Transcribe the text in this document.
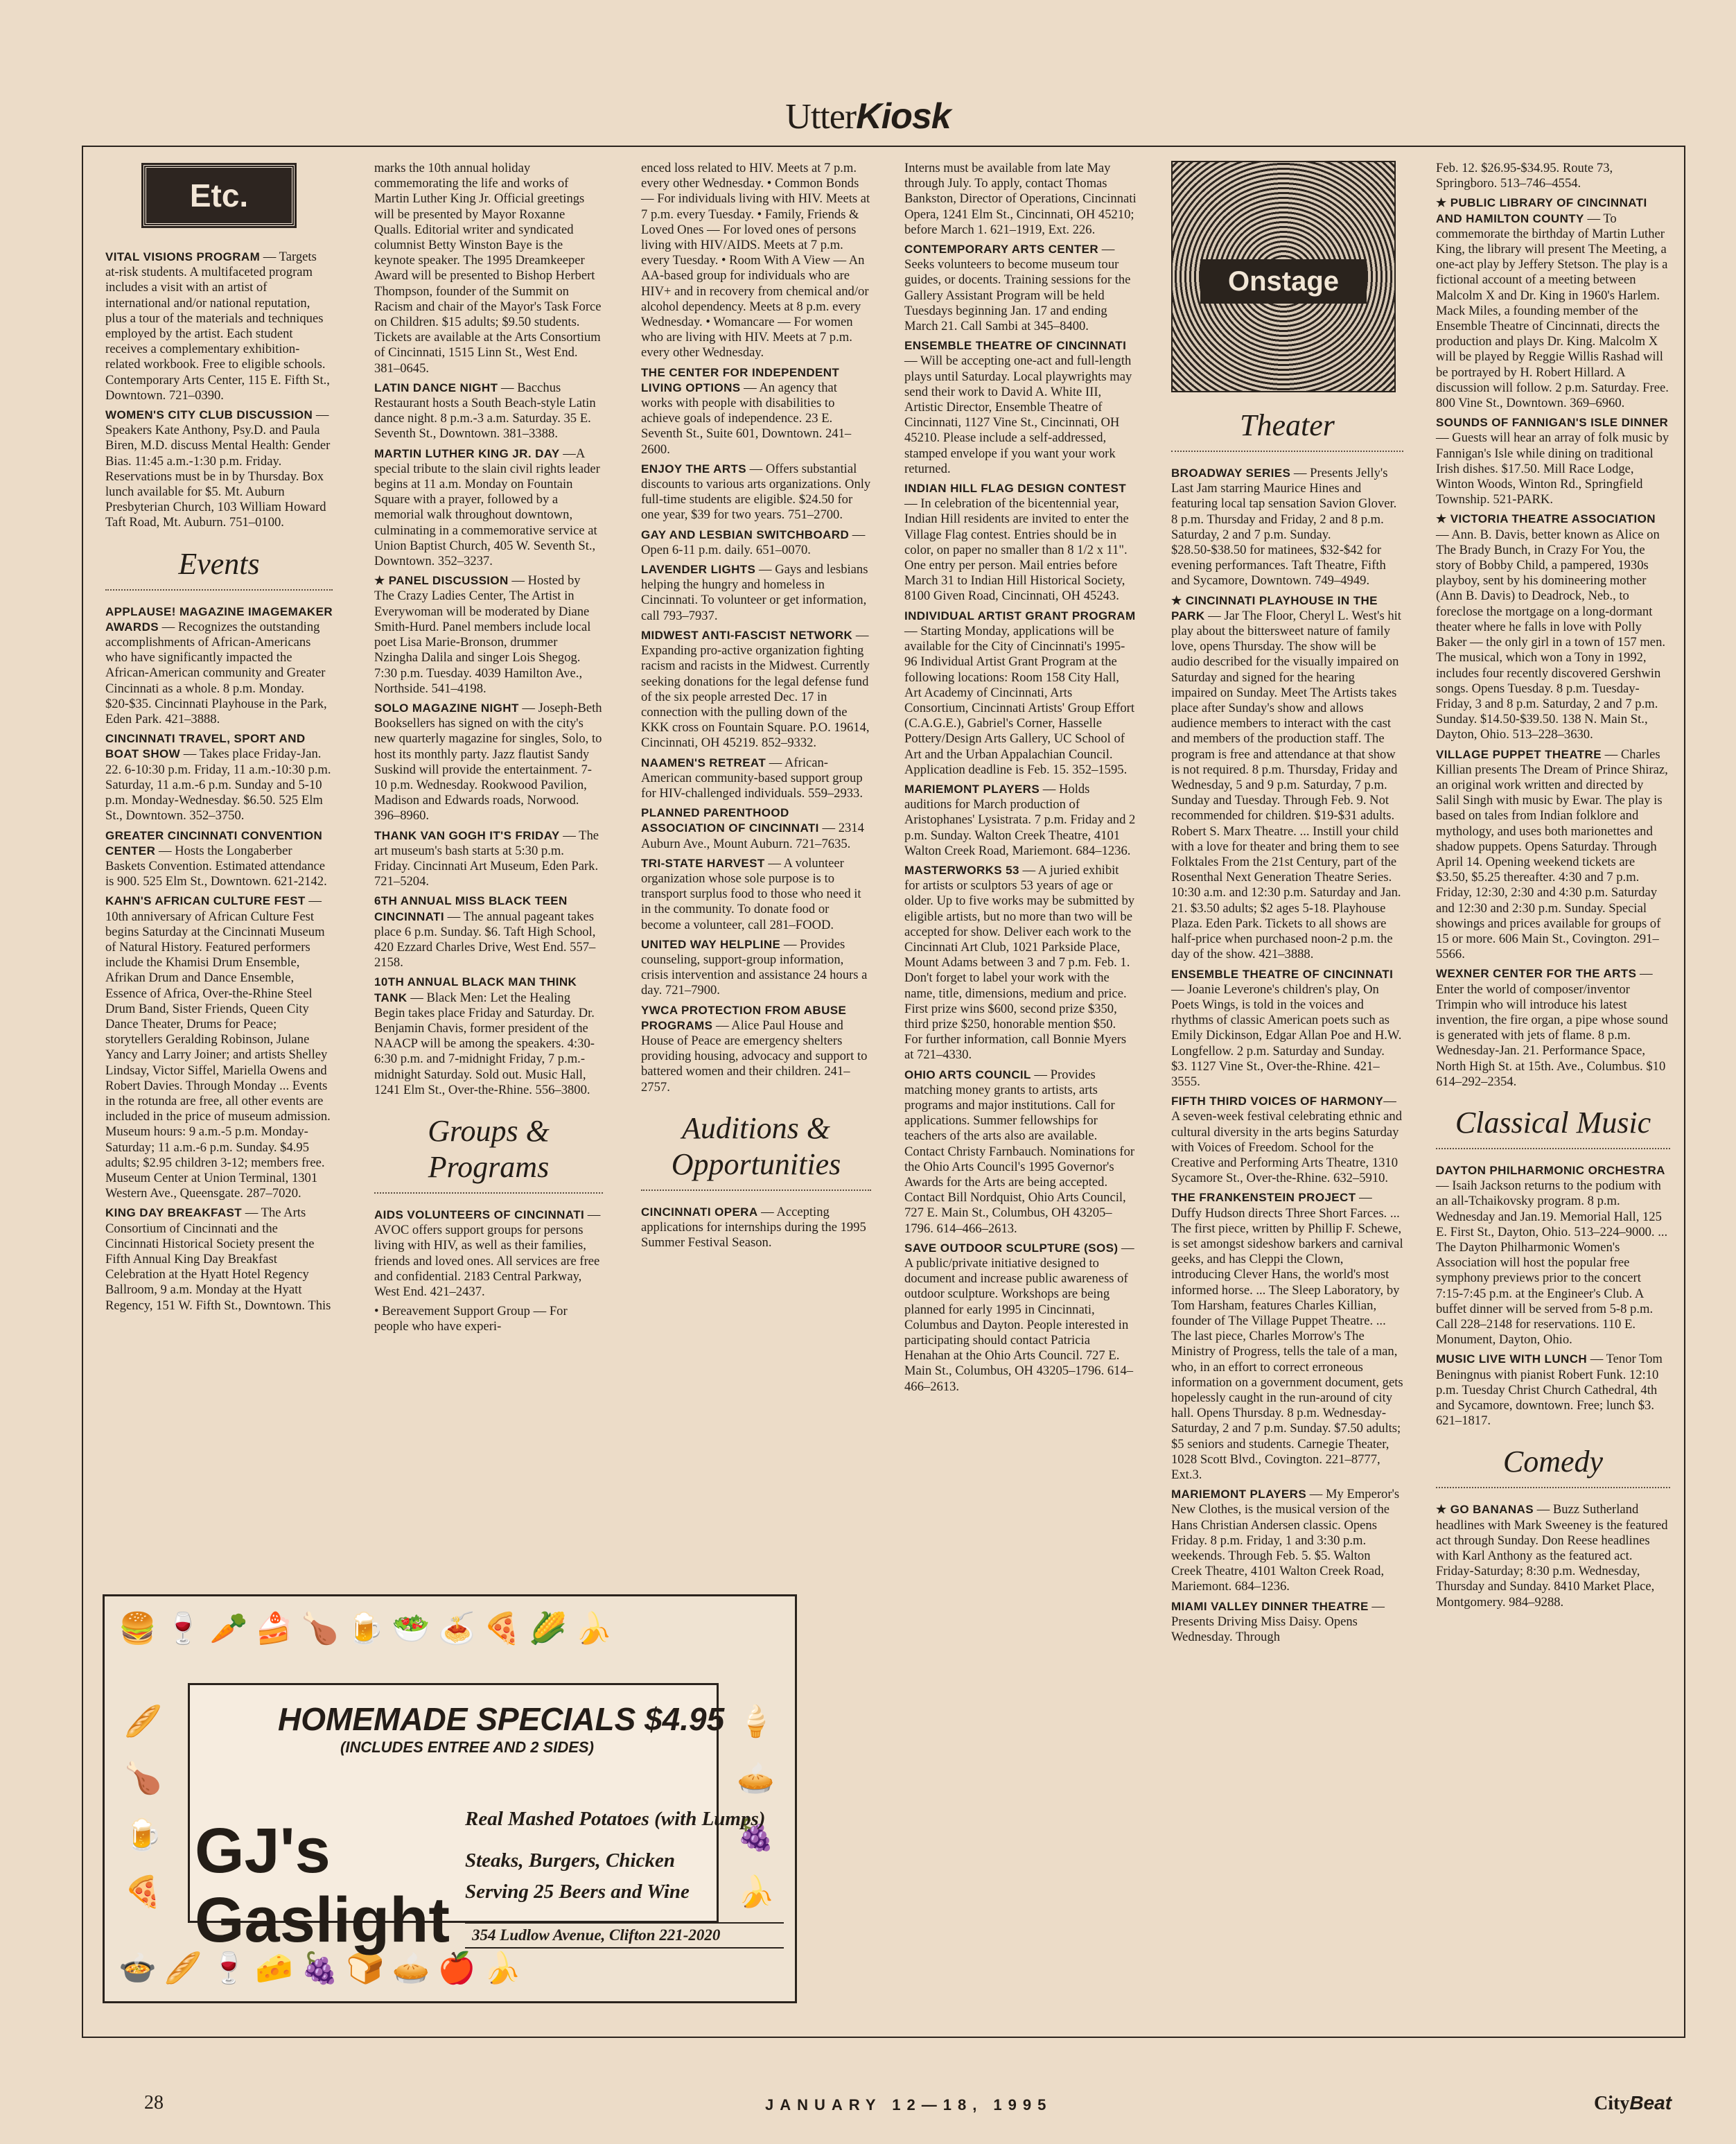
UtterKiosk
Etc.

VITAL VISIONS PROGRAM — Targets at-risk students. A multifaceted program includes a visit with an artist of international and/or national reputation, plus a tour of the materials and techniques employed by the artist. Each student receives a complementary exhibition-related workbook. Free to eligible schools. Contemporary Arts Center, 115 E. Fifth St., Downtown. 721–0390.

WOMEN'S CITY CLUB DISCUSSION — Speakers Kate Anthony, Psy.D. and Paula Biren, M.D. discuss Mental Health: Gender Bias. 11:45 a.m.-1:30 p.m. Friday. Reservations must be in by Thursday. Box lunch available for $5. Mt. Auburn Presbyterian Church, 103 William Howard Taft Road, Mt. Auburn. 751–0100.

Events

APPLAUSE! MAGAZINE IMAGEMAKER AWARDS — Recognizes the outstanding accomplishments of African-Americans who have significantly impacted the African-American community and Greater Cincinnati as a whole. 8 p.m. Monday. $20-$35. Cincinnati Playhouse in the Park, Eden Park. 421–3888.

CINCINNATI TRAVEL, SPORT AND BOAT SHOW — Takes place Friday-Jan. 22. 6-10:30 p.m. Friday, 11 a.m.-10:30 p.m. Saturday, 11 a.m.-6 p.m. Sunday and 5-10 p.m. Monday-Wednesday. $6.50. 525 Elm St., Downtown. 352–3750.

GREATER CINCINNATI CONVENTION CENTER — Hosts the Longaberber Baskets Convention. Estimated attendance is 900. 525 Elm St., Downtown. 621-2142.

KAHN'S AFRICAN CULTURE FEST — 10th anniversary of African Culture Fest begins Saturday at the Cincinnati Museum of Natural History. Featured performers include the Khamisi Drum Ensemble, Afrikan Drum and Dance Ensemble, Essence of Africa, Over-the-Rhine Steel Drum Band, Sister Friends, Queen City Dance Theater, Drums for Peace; storytellers Geralding Robinson, Julane Yancy and Larry Joiner; and artists Shelley Lindsay, Victor Siffel, Mariella Owens and Robert Davies. Through Monday ... Events in the rotunda are free, all other events are included in the price of museum admission. Museum hours: 9 a.m.-5 p.m. Monday-Saturday; 11 a.m.-6 p.m. Sunday. $4.95 adults; $2.95 children 3-12; members free. Museum Center at Union Terminal, 1301 Western Ave., Queensgate. 287–7020.

KING DAY BREAKFAST — The Arts Consortium of Cincinnati and the Cincinnati Historical Society present the Fifth Annual King Day Breakfast Celebration at the Hyatt Hotel Regency Ballroom, 9 a.m. Monday at the Hyatt Regency, 151 W. Fifth St., Downtown. This

marks the 10th annual holiday commemorating the life and works of Martin Luther King Jr. Official greetings will be presented by Mayor Roxanne Qualls. Editorial writer and syndicated columnist Betty Winston Baye is the keynote speaker. The 1995 Dreamkeeper Award will be presented to Bishop Herbert Thompson, founder of the Summit on Racism and chair of the Mayor's Task Force on Children. $15 adults; $9.50 students. Tickets are available at the Arts Consortium of Cincinnati, 1515 Linn St., West End. 381–0645.

LATIN DANCE NIGHT — Bacchus Restaurant hosts a South Beach-style Latin dance night. 8 p.m.-3 a.m. Saturday. 35 E. Seventh St., Downtown. 381–3388.

MARTIN LUTHER KING JR. DAY —A special tribute to the slain civil rights leader begins at 11 a.m. Monday on Fountain Square with a prayer, followed by a memorial walk throughout downtown, culminating in a commemorative service at Union Baptist Church, 405 W. Seventh St., Downtown. 352–3237.

★ PANEL DISCUSSION — Hosted by The Crazy Ladies Center, The Artist in Everywoman will be moderated by Diane Smith-Hurd. Panel members include local poet Lisa Marie-Bronson, drummer Nzingha Dalila and singer Lois Shegog. 7:30 p.m. Tuesday. 4039 Hamilton Ave., Northside. 541–4198.

SOLO MAGAZINE NIGHT — Joseph-Beth Booksellers has signed on with the city's new quarterly magazine for singles, Solo, to host its monthly party. Jazz flautist Sandy Suskind will provide the entertainment. 7-10 p.m. Wednesday. Rookwood Pavilion, Madison and Edwards roads, Norwood. 396–8960.

THANK VAN GOGH IT'S FRIDAY — The art museum's bash starts at 5:30 p.m. Friday. Cincinnati Art Museum, Eden Park. 721–5204.

6TH ANNUAL MISS BLACK TEEN CINCINNATI — The annual pageant takes place 6 p.m. Sunday. $6. Taft High School, 420 Ezzard Charles Drive, West End. 557–2158.

10TH ANNUAL BLACK MAN THINK TANK — Black Men: Let the Healing Begin takes place Friday and Saturday. Dr. Benjamin Chavis, former president of the NAACP will be among the speakers. 4:30-6:30 p.m. and 7-midnight Friday, 7 p.m.-midnight Saturday. Sold out. Music Hall, 1241 Elm St., Over-the-Rhine. 556–3800.

Groups & Programs

AIDS VOLUNTEERS OF CINCINNATI — AVOC offers support groups for persons living with HIV, as well as their families, friends and loved ones. All services are free and confidential. 2183 Central Parkway, West End. 421–2437.

• Bereavement Support Group — For people who have experi-

enced loss related to HIV. Meets at 7 p.m. every other Wednesday. • Common Bonds — For individuals living with HIV. Meets at 7 p.m. every Tuesday. • Family, Friends & Loved Ones — For loved ones of persons living with HIV/AIDS. Meets at 7 p.m. every Tuesday. • Room With A View — An AA-based group for individuals who are HIV+ and in recovery from chemical and/or alcohol dependency. Meets at 8 p.m. every Wednesday. • Womancare — For women who are living with HIV. Meets at 7 p.m. every other Wednesday.

THE CENTER FOR INDEPENDENT LIVING OPTIONS — An agency that works with people with disabilities to achieve goals of independence. 23 E. Seventh St., Suite 601, Downtown. 241–2600.

ENJOY THE ARTS — Offers substantial discounts to various arts organizations. Only full-time students are eligible. $24.50 for one year, $39 for two years. 751–2700.

GAY AND LESBIAN SWITCHBOARD — Open 6-11 p.m. daily. 651–0070.

LAVENDER LIGHTS — Gays and lesbians helping the hungry and homeless in Cincinnati. To volunteer or get information, call 793–7937.

MIDWEST ANTI-FASCIST NETWORK — Expanding pro-active organization fighting racism and racists in the Midwest. Currently seeking donations for the legal defense fund of the six people arrested Dec. 17 in connection with the pulling down of the KKK cross on Fountain Square. P.O. 19614, Cincinnati, OH 45219. 852–9332.

NAAMEN'S RETREAT — African-American community-based support group for HIV-challenged individuals. 559–2933.

PLANNED PARENTHOOD ASSOCIATION OF CINCINNATI — 2314 Auburn Ave., Mount Auburn. 721–7635.

TRI-STATE HARVEST — A volunteer organization whose sole purpose is to transport surplus food to those who need it in the community. To donate food or become a volunteer, call 281–FOOD.

UNITED WAY HELPLINE — Provides counseling, support-group information, crisis intervention and assistance 24 hours a day. 721–7900.

YWCA PROTECTION FROM ABUSE PROGRAMS — Alice Paul House and House of Peace are emergency shelters providing housing, advocacy and support to battered women and their children. 241–2757.

Auditions & Opportunities

CINCINNATI OPERA — Accepting applications for internships during the 1995 Summer Festival Season.

Interns must be available from late May through July. To apply, contact Thomas Bankston, Director of Operations, Cincinnati Opera, 1241 Elm St., Cincinnati, OH 45210; before March 1. 621–1919, Ext. 226.

CONTEMPORARY ARTS CENTER — Seeks volunteers to become museum tour guides, or docents. Training sessions for the Gallery Assistant Program will be held Tuesdays beginning Jan. 17 and ending March 21. Call Sambi at 345–8400.

ENSEMBLE THEATRE OF CINCINNATI — Will be accepting one-act and full-length plays until Saturday. Local playwrights may send their work to David A. White III, Artistic Director, Ensemble Theatre of Cincinnati, 1127 Vine St., Cincinnati, OH 45210. Please include a self-addressed, stamped envelope if you want your work returned.

INDIAN HILL FLAG DESIGN CONTEST — In celebration of the bicentennial year, Indian Hill residents are invited to enter the Village Flag contest. Entries should be in color, on paper no smaller than 8 1/2 x 11". One entry per person. Mail entries before March 31 to Indian Hill Historical Society, 8100 Given Road, Cincinnati, OH 45243.

INDIVIDUAL ARTIST GRANT PROGRAM — Starting Monday, applications will be available for the City of Cincinnati's 1995-96 Individual Artist Grant Program at the following locations: Room 158 City Hall, Art Academy of Cincinnati, Arts Consortium, Cincinnati Artists' Group Effort (C.A.G.E.), Gabriel's Corner, Hasselle Pottery/Design Arts Gallery, UC School of Art and the Urban Appalachian Council. Application deadline is Feb. 15. 352–1595.

MARIEMONT PLAYERS — Holds auditions for March production of Aristophanes' Lysistrata. 7 p.m. Friday and 2 p.m. Sunday. Walton Creek Theatre, 4101 Walton Creek Road, Mariemont. 684–1236.

MASTERWORKS 53 — A juried exhibit for artists or sculptors 53 years of age or older. Up to five works may be submitted by eligible artists, but no more than two will be accepted for show. Deliver each work to the Cincinnati Art Club, 1021 Parkside Place, Mount Adams between 3 and 7 p.m. Feb. 1. Don't forget to label your work with the name, title, dimensions, medium and price. First prize wins $600, second prize $350, third prize $250, honorable mention $50. For further information, call Bonnie Myers at 721–4330.

OHIO ARTS COUNCIL — Provides matching money grants to artists, arts programs and major institutions. Call for applications. Summer fellowships for teachers of the arts also are available. Contact Christy Farnbauch. Nominations for the Ohio Arts Council's 1995 Governor's Awards for the Arts are being accepted. Contact Bill Nordquist, Ohio Arts Council, 727 E. Main St., Columbus, OH 43205–1796. 614–466–2613.

SAVE OUTDOOR SCULPTURE (SOS) — A public/private initiative designed to document and increase public awareness of outdoor sculpture. Workshops are being planned for early 1995 in Cincinnati, Columbus and Dayton. People interested in participating should contact Patricia Henahan at the Ohio Arts Council. 727 E. Main St., Columbus, OH 43205–1796. 614–466–2613.

Onstage
Theater

BROADWAY SERIES — Presents Jelly's Last Jam starring Maurice Hines and featuring local tap sensation Savion Glover. 8 p.m. Thursday and Friday, 2 and 8 p.m. Saturday, 2 and 7 p.m. Sunday. $28.50-$38.50 for matinees, $32-$42 for evening performances. Taft Theatre, Fifth and Sycamore, Downtown. 749–4949.

★ CINCINNATI PLAYHOUSE IN THE PARK — Jar The Floor, Cheryl L. West's hit play about the bittersweet nature of family love, opens Thursday. The show will be audio described for the visually impaired on Saturday and signed for the hearing impaired on Sunday. Meet The Artists takes place after Sunday's show and allows audience members to interact with the cast and members of the production staff. The program is free and attendance at that show is not required. 8 p.m. Thursday, Friday and Wednesday, 5 and 9 p.m. Saturday, 7 p.m. Sunday and Tuesday. Through Feb. 9. Not recommended for children. $19-$31 adults. Robert S. Marx Theatre. ... Instill your child with a love for theater and bring them to see Folktales From the 21st Century, part of the Rosenthal Next Generation Theatre Series. 10:30 a.m. and 12:30 p.m. Saturday and Jan. 21. $3.50 adults; $2 ages 5-18. Playhouse Plaza. Eden Park. Tickets to all shows are half-price when purchased noon-2 p.m. the day of the show. 421–3888.

ENSEMBLE THEATRE OF CINCINNATI — Joanie Leverone's children's play, On Poets Wings, is told in the voices and rhythms of classic American poets such as Emily Dickinson, Edgar Allan Poe and H.W. Longfellow. 2 p.m. Saturday and Sunday. $3. 1127 Vine St., Over-the-Rhine. 421–3555.

FIFTH THIRD VOICES OF HARMONY— A seven-week festival celebrating ethnic and cultural diversity in the arts begins Saturday with Voices of Freedom. School for the Creative and Performing Arts Theatre, 1310 Sycamore St., Over-the-Rhine. 632–5910.

THE FRANKENSTEIN PROJECT — Duffy Hudson directs Three Short Farces. ... The first piece, written by Phillip F. Schewe, is set amongst sideshow barkers and carnival geeks, and has Cleppi the Clown, introducing Clever Hans, the world's most informed horse. ... The Sleep Laboratory, by Tom Harsham, features Charles Killian, founder of The Village Puppet Theatre. ... The last piece, Charles Morrow's The Ministry of Progress, tells the tale of a man, who, in an effort to correct erroneous information on a government document, gets hopelessly caught in the run-around of city hall. Opens Thursday. 8 p.m. Wednesday-Saturday, 2 and 7 p.m. Sunday. $7.50 adults; $5 seniors and students. Carnegie Theater, 1028 Scott Blvd., Covington. 221–8777, Ext.3.

MARIEMONT PLAYERS — My Emperor's New Clothes, is the musical version of the Hans Christian Andersen classic. Opens Friday. 8 p.m. Friday, 1 and 3:30 p.m. weekends. Through Feb. 5. $5. Walton Creek Theatre, 4101 Walton Creek Road, Mariemont. 684–1236.

MIAMI VALLEY DINNER THEATRE — Presents Driving Miss Daisy. Opens Wednesday. Through

Feb. 12. $26.95-$34.95. Route 73, Springboro. 513–746–4554.

★ PUBLIC LIBRARY OF CINCINNATI AND HAMILTON COUNTY — To commemorate the birthday of Martin Luther King, the library will present The Meeting, a one-act play by Jeffery Stetson. The play is a fictional account of a meeting between Malcolm X and Dr. King in 1960's Harlem. Mack Miles, a founding member of the Ensemble Theatre of Cincinnati, directs the production and plays Dr. King. Malcolm X will be played by Reggie Willis Rashad will be portrayed by H. Robert Hillard. A discussion will follow. 2 p.m. Saturday. Free. 800 Vine St., Downtown. 369–6960.

SOUNDS OF FANNIGAN'S ISLE DINNER — Guests will hear an array of folk music by Fannigan's Isle while dining on traditional Irish dishes. $17.50. Mill Race Lodge, Winton Woods, Winton Rd., Springfield Township. 521-PARK.

★ VICTORIA THEATRE ASSOCIATION — Ann. B. Davis, better known as Alice on The Brady Bunch, in Crazy For You, the story of Bobby Child, a pampered, 1930s playboy, sent by his domineering mother (Ann B. Davis) to Deadrock, Neb., to foreclose the mortgage on a long-dormant theater where he falls in love with Polly Baker — the only girl in a town of 157 men. The musical, which won a Tony in 1992, includes four recently discovered Gershwin songs. Opens Tuesday. 8 p.m. Tuesday-Friday, 3 and 8 p.m. Saturday, 2 and 7 p.m. Sunday. $14.50-$39.50. 138 N. Main St., Dayton, Ohio. 513–228–3630.

VILLAGE PUPPET THEATRE — Charles Killian presents The Dream of Prince Shiraz, an original work written and directed by Salil Singh with music by Ewar. The play is based on tales from Indian folklore and mythology, and uses both marionettes and shadow puppets. Opens Saturday. Through April 14. Opening weekend tickets are $3.50, $5.25 thereafter. 4:30 and 7 p.m. Friday, 12:30, 2:30 and 4:30 p.m. Saturday and 12:30 and 2:30 p.m. Sunday. Special showings and prices available for groups of 15 or more. 606 Main St., Covington. 291–5566.

WEXNER CENTER FOR THE ARTS — Enter the world of composer/inventor Trimpin who will introduce his latest invention, the fire organ, a pipe whose sound is generated with jets of flame. 8 p.m. Wednesday-Jan. 21. Performance Space, North High St. at 15th. Ave., Columbus. $10 614–292–2354.

Classical Music

DAYTON PHILHARMONIC ORCHESTRA — Isaih Jackson returns to the podium with an all-Tchaikovsky program. 8 p.m. Wednesday and Jan.19. Memorial Hall, 125 E. First St., Dayton, Ohio. 513–224–9000. ... The Dayton Philharmonic Women's Association will host the popular free symphony previews prior to the concert 7:15-7:45 p.m. at the Engineer's Club. A buffet dinner will be served from 5-8 p.m. Call 228–2148 for reservations. 110 E. Monument, Dayton, Ohio.

MUSIC LIVE WITH LUNCH — Tenor Tom Beningnus with pianist Robert Funk. 12:10 p.m. Tuesday Christ Church Cathedral, 4th and Sycamore, downtown. Free; lunch $3. 621–1817.

Comedy

★ GO BANANAS — Buzz Sutherland headlines with Mark Sweeney is the featured act through Sunday. Don Reese headlines with Karl Anthony as the featured act. Friday-Saturday; 8:30 p.m. Wednesday, Thursday and Sunday. 8410 Market Place, Montgomery. 984–9288.

🍔 🍷 🥕 🍰 🍗 🍺 🥗 🍝 🍕 🌽 🍌
🍲 🥖 🍷 🧀 🍇 🍞 🥧 🍎 🍌
🥖
🍗
🍺
🍕
🍦
🥧
🍇
🍌
HOMEMADE SPECIALS $4.95
(INCLUDES ENTREE AND 2 SIDES)
GJ's
Gaslight
Real Mashed Potatoes (with Lumps)
Steaks, Burgers, Chicken
Serving 25 Beers and Wine
354 Ludlow Avenue, Clifton 221-2020
28	JANUARY 12—18, 1995	CityBeat
